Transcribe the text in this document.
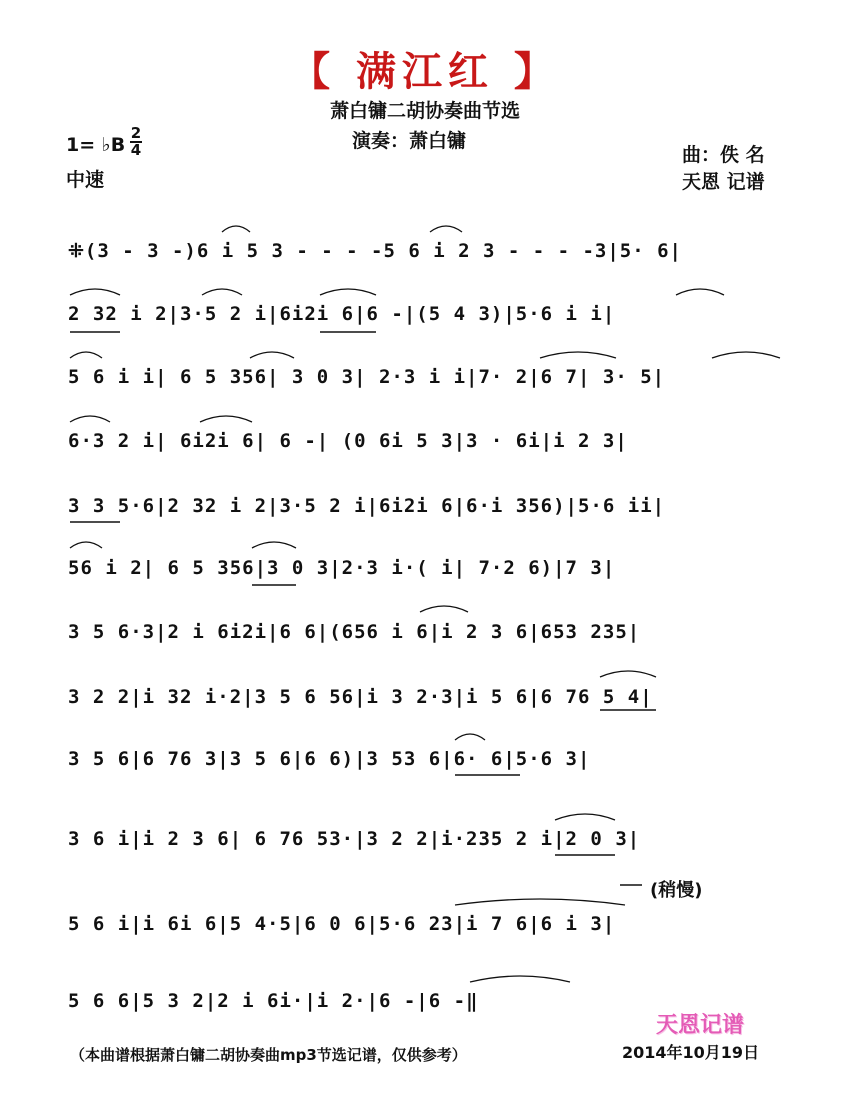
【 满江红 】
萧白镛二胡协奏曲节选
演奏：萧白镛
1= ♭B
2
4
中速
曲：佚 名
天恩 记谱
⁜(3 - 3 -)6 i 5 3 - - - -5 6 i 2 3 - - - -3|5· 6|
2 32 i 2|3·5 2 i|6i2i 6|6 -|(5 4 3)|5·6 i i|
5 6 i i| 6 5 356| 3 0 3| 2·3 i i|7· 2|6 7| 3· 5|
6·3 2 i| 6i2i 6| 6 -| (0 6i 5 3|3 · 6i|i 2 3|
3 3 5·6|2 32 i 2|3·5 2 i|6i2i 6|6·i 356)|5·6 ii|
56 i 2| 6 5 356|3 0 3|2·3 i·( i| 7·2 6)|7 3|
3 5 6·3|2 i 6i2i|6 6|(656 i 6|i 2 3 6|653 235|
3 2 2|i 32 i·2|3 5 6 56|i 3 2·3|i 5 6|6 76 5 4|
3 5 6|6 76 3|3 5 6|6 6)|3 53 6|6· 6|5·6 3|
3 6 i|i 2 3 6| 6 76 53·|3 2 2|i·235 2 i|2 0 3|
5 6 i|i 6i 6|5 4·5|6 0 6|5·6 23|i 7 6|6 i 3|
5 6 6|5 3 2|2 i 6i·|i 2·|6 -|6 -‖
(稍慢)
天恩记谱
（本曲谱根据萧白镛二胡协奏曲mp3节选记谱，仅供参考）	2014年10月19日
